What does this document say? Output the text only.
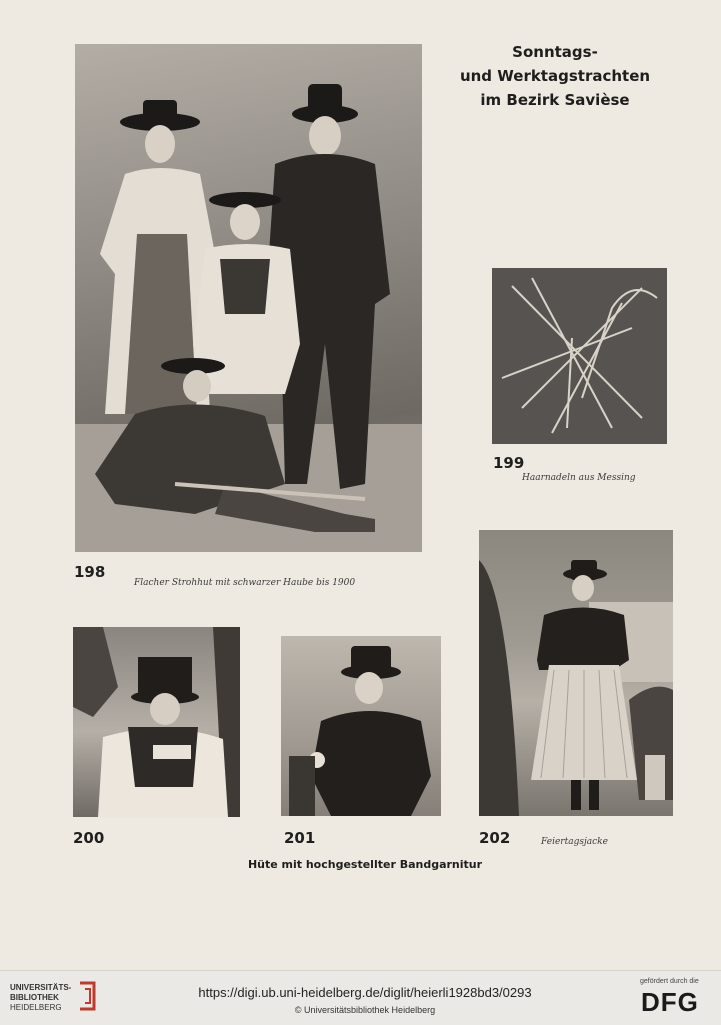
Sonntags-
und Werktagstrachten
im Bezirk Savièse
198
Flacher Strohhut mit schwarzer Haube bis 1900
199
Haarnadeln aus Messing
200	201	202	Feiertagsjacke
Hüte mit hochgestellter Bandgarnitur
UNIVERSITÄTS-
BIBLIOTHEK
HEIDELBERG
https://digi.ub.uni-heidelberg.de/diglit/heierli1928bd3/0293
© Universitätsbibliothek Heidelberg
gefördert durch die
DFG
